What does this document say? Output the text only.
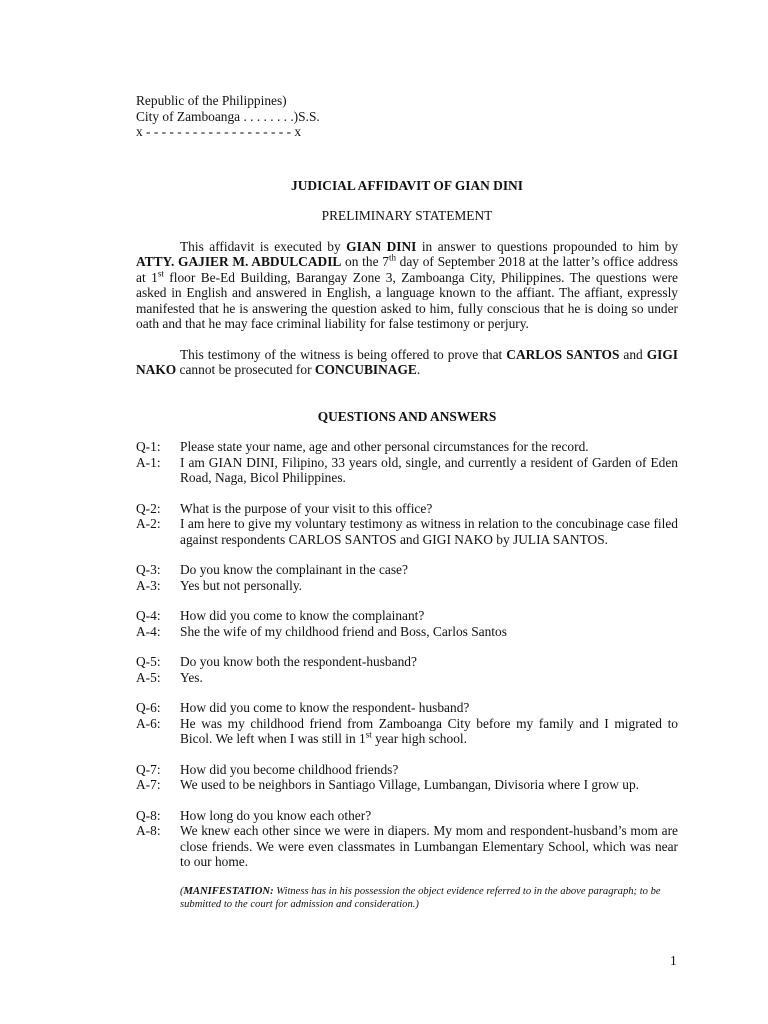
Republic of the Philippines)
City of Zamboanga . . . . . . . .)S.S.
x - - - - - - - - - - - - - - - - - - - x
JUDICIAL AFFIDAVIT OF GIAN DINI
PRELIMINARY STATEMENT
This affidavit is executed by GIAN DINI in answer to questions propounded to him by ATTY. GAJIER M. ABDULCADIL on the 7th day of September 2018 at the latter’s office address at 1st floor Be-Ed Building, Barangay Zone 3, Zamboanga City, Philippines. The questions were asked in English and answered in English, a language known to the affiant. The affiant, expressly manifested that he is answering the question asked to him, fully conscious that he is doing so under oath and that he may face criminal liability for false testimony or perjury.
This testimony of the witness is being offered to prove that CARLOS SANTOS and GIGI NAKO cannot be prosecuted for CONCUBINAGE.
QUESTIONS AND ANSWERS
Q-1:	Please state your name, age and other personal circumstances for the record.
A-1:	I am GIAN DINI, Filipino, 33 years old, single, and currently a resident of Garden of Eden Road, Naga, Bicol Philippines.
Q-2:	What is the purpose of your visit to this office?
A-2:	I am here to give my voluntary testimony as witness in relation to the concubinage case filed against respondents CARLOS SANTOS and GIGI NAKO by JULIA SANTOS.
Q-3:	Do you know the complainant in the case?
A-3:	Yes but not personally.
Q-4:	How did you come to know the complainant?
A-4:	She the wife of my childhood friend and Boss, Carlos Santos
Q-5:	Do you know both the respondent-husband?
A-5:	Yes.
Q-6:	How did you come to know the respondent- husband?
A-6:	He was my childhood friend from Zamboanga City before my family and I migrated to Bicol. We left when I was still in 1st year high school.
Q-7:	How did you become childhood friends?
A-7:	We used to be neighbors in Santiago Village, Lumbangan, Divisoria where I grow up.
Q-8:	How long do you know each other?
A-8:	We knew each other since we were in diapers. My mom and respondent-husband’s mom are close friends. We were even classmates in Lumbangan Elementary School, which was near to our home.
(MANIFESTATION: Witness has in his possession the object evidence referred to in the above paragraph; to be submitted to the court for admission and consideration.)
1
